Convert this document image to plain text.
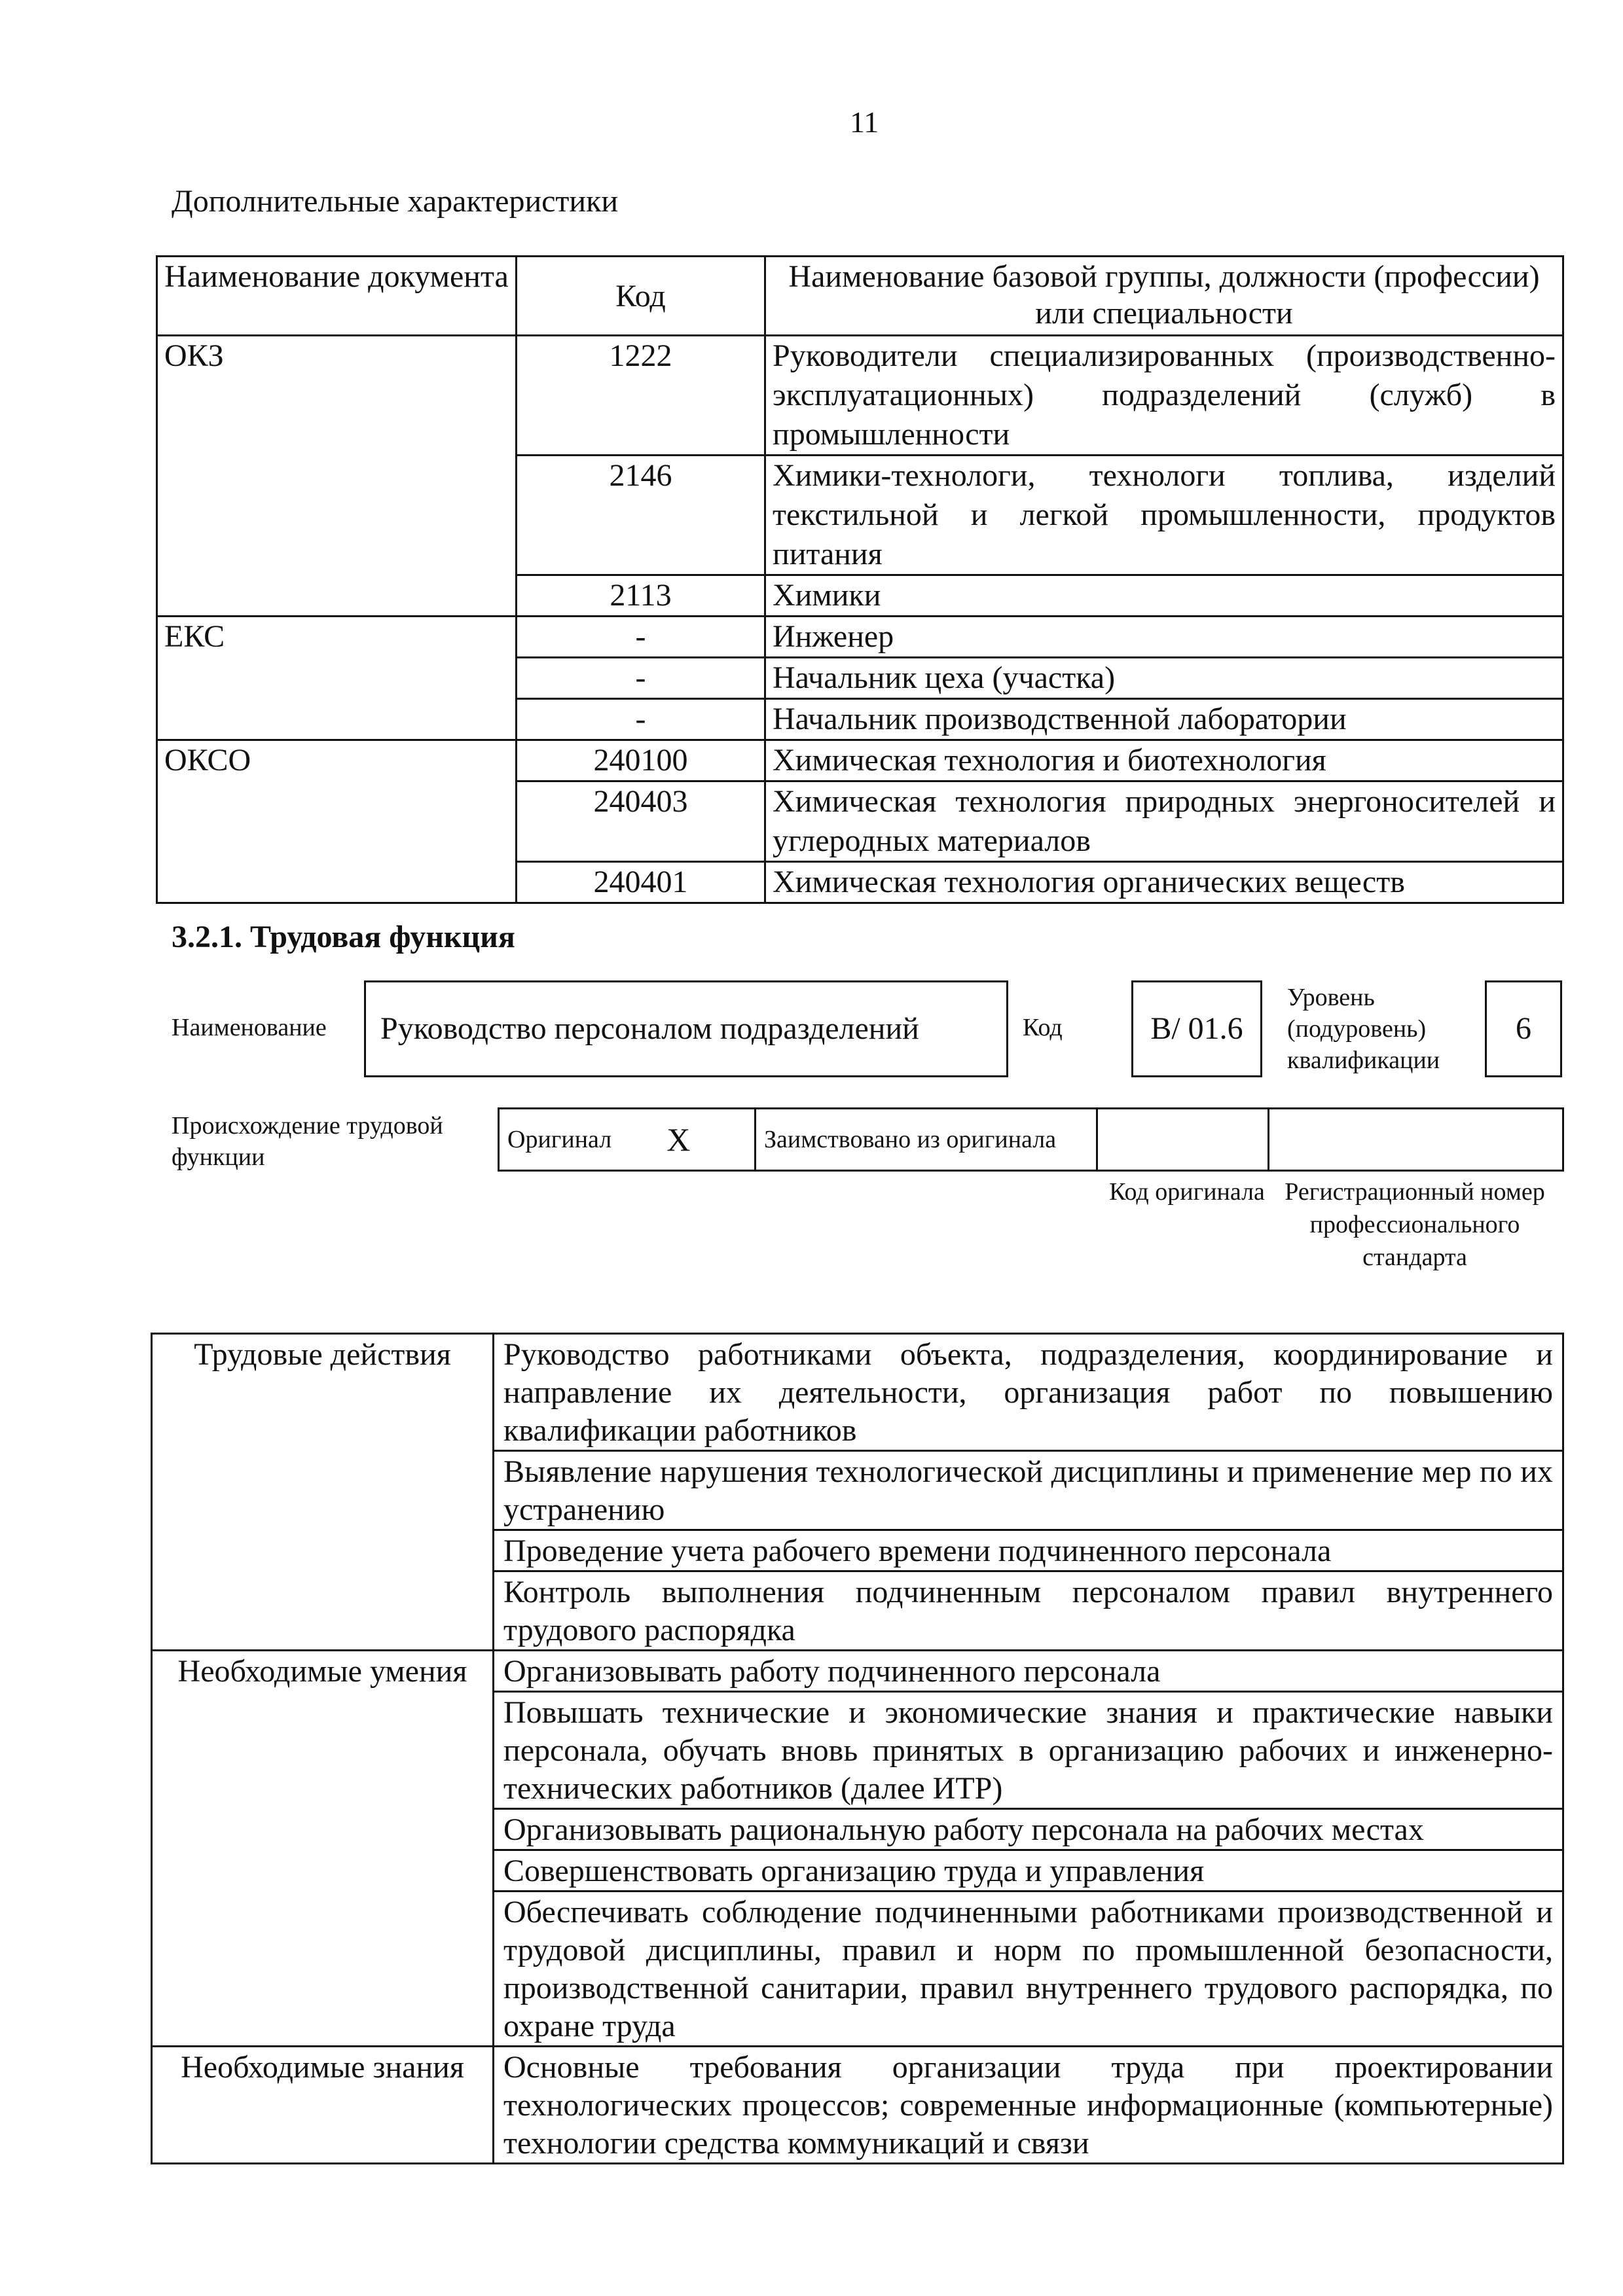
11
Дополнительные характеристики
Наименование документа	Код	Наименование базовой группы, должности (профессии) или специальности
ОКЗ	1222	Руководители специализированных (производственно-эксплуатационных) подразделений (служб) в промышленности
	2146	Химики-технологи, технологи топлива, изделий текстильной и легкой промышленности, продуктов питания
	2113	Химики
ЕКС	-	Инженер
	-	Начальник цеха (участка)
	-	Начальник производственной лаборатории
ОКСО	240100	Химическая технология и биотехнология
	240403	Химическая технология природных энергоносителей и углеродных материалов
	240401	Химическая технология органических веществ
3.2.1. Трудовая функция
Наименование	Руководство персоналом подразделений	Код	B/ 01.6
Уровень (подуровень) квалификации
6
Происхождение трудовой функции
Оригинал X	Заимствовано из оригинала		
Код оригинала Регистрационный номер профессионального стандарта
Трудовые действия	Руководство работниками объекта, подразделения, координирование и направление их деятельности, организация работ по повышению квалификации работников
	Выявление нарушения технологической дисциплины и применение мер по их устранению
	Проведение учета рабочего времени подчиненного персонала
	Контроль выполнения подчиненным персоналом правил внутреннего трудового распорядка
Необходимые умения	Организовывать работу подчиненного персонала
	Повышать технические и экономические знания и практические навыки персонала, обучать вновь принятых в организацию рабочих и инженерно-технических работников (далее ИТР)
	Организовывать рациональную работу персонала на рабочих местах
	Совершенствовать организацию труда и управления
	Обеспечивать соблюдение подчиненными работниками производственной и трудовой дисциплины, правил и норм по промышленной безопасности, производственной санитарии, правил внутреннего трудового распорядка, по охране труда
Необходимые знания	Основные требования организации труда при проектировании технологических процессов; современные информационные (компьютерные) технологии средства коммуникаций и связи
